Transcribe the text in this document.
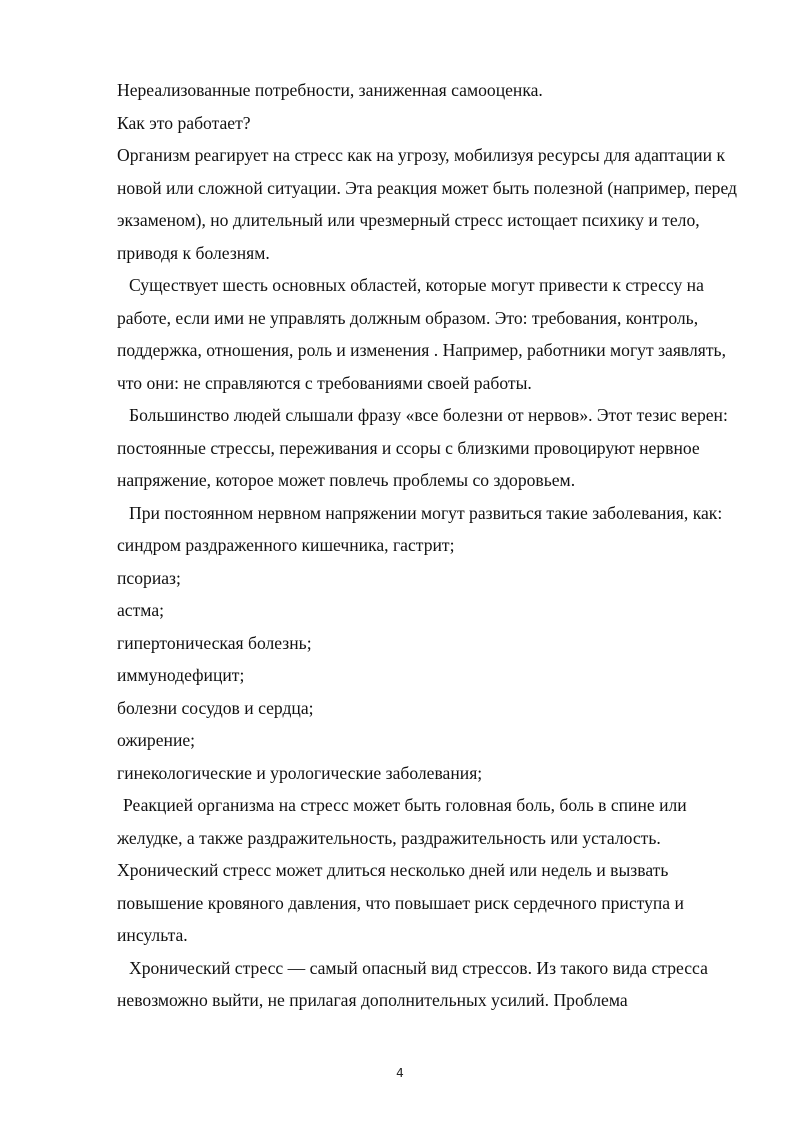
Нереализованные потребности, заниженная самооценка.

Как это работает?

Организм реагирует на стресс как на угрозу, мобилизуя ресурсы для адаптации к новой или сложной ситуации. Эта реакция может быть полезной (например, перед экзаменом), но длительный или чрезмерный стресс истощает психику и тело, приводя к болезням.

Существует шесть основных областей, которые могут привести к стрессу на работе, если ими не управлять должным образом. Это: требования, контроль, поддержка, отношения, роль и изменения . Например, работники могут заявлять, что они: не справляются с требованиями своей работы.

Большинство людей слышали фразу «все болезни от нервов». Этот тезис верен: постоянные стрессы, переживания и ссоры с близкими провоцируют нервное напряжение, которое может повлечь проблемы со здоровьем.

При постоянном нервном напряжении могут развиться такие заболевания, как:

синдром раздраженного кишечника, гастрит;

псориаз;

астма;

гипертоническая болезнь;

иммунодефицит;

болезни сосудов и сердца;

ожирение;

гинекологические и урологические заболевания;

Реакцией организма на стресс может быть головная боль, боль в спине или желудке, а также раздражительность, раздражительность или усталость. Хронический стресс может длиться несколько дней или недель и вызвать повышение кровяного давления, что повышает риск сердечного приступа и инсульта.

Хронический стресс — самый опасный вид стрессов. Из такого вида стресса невозможно выйти, не прилагая дополнительных усилий. Проблема

4
